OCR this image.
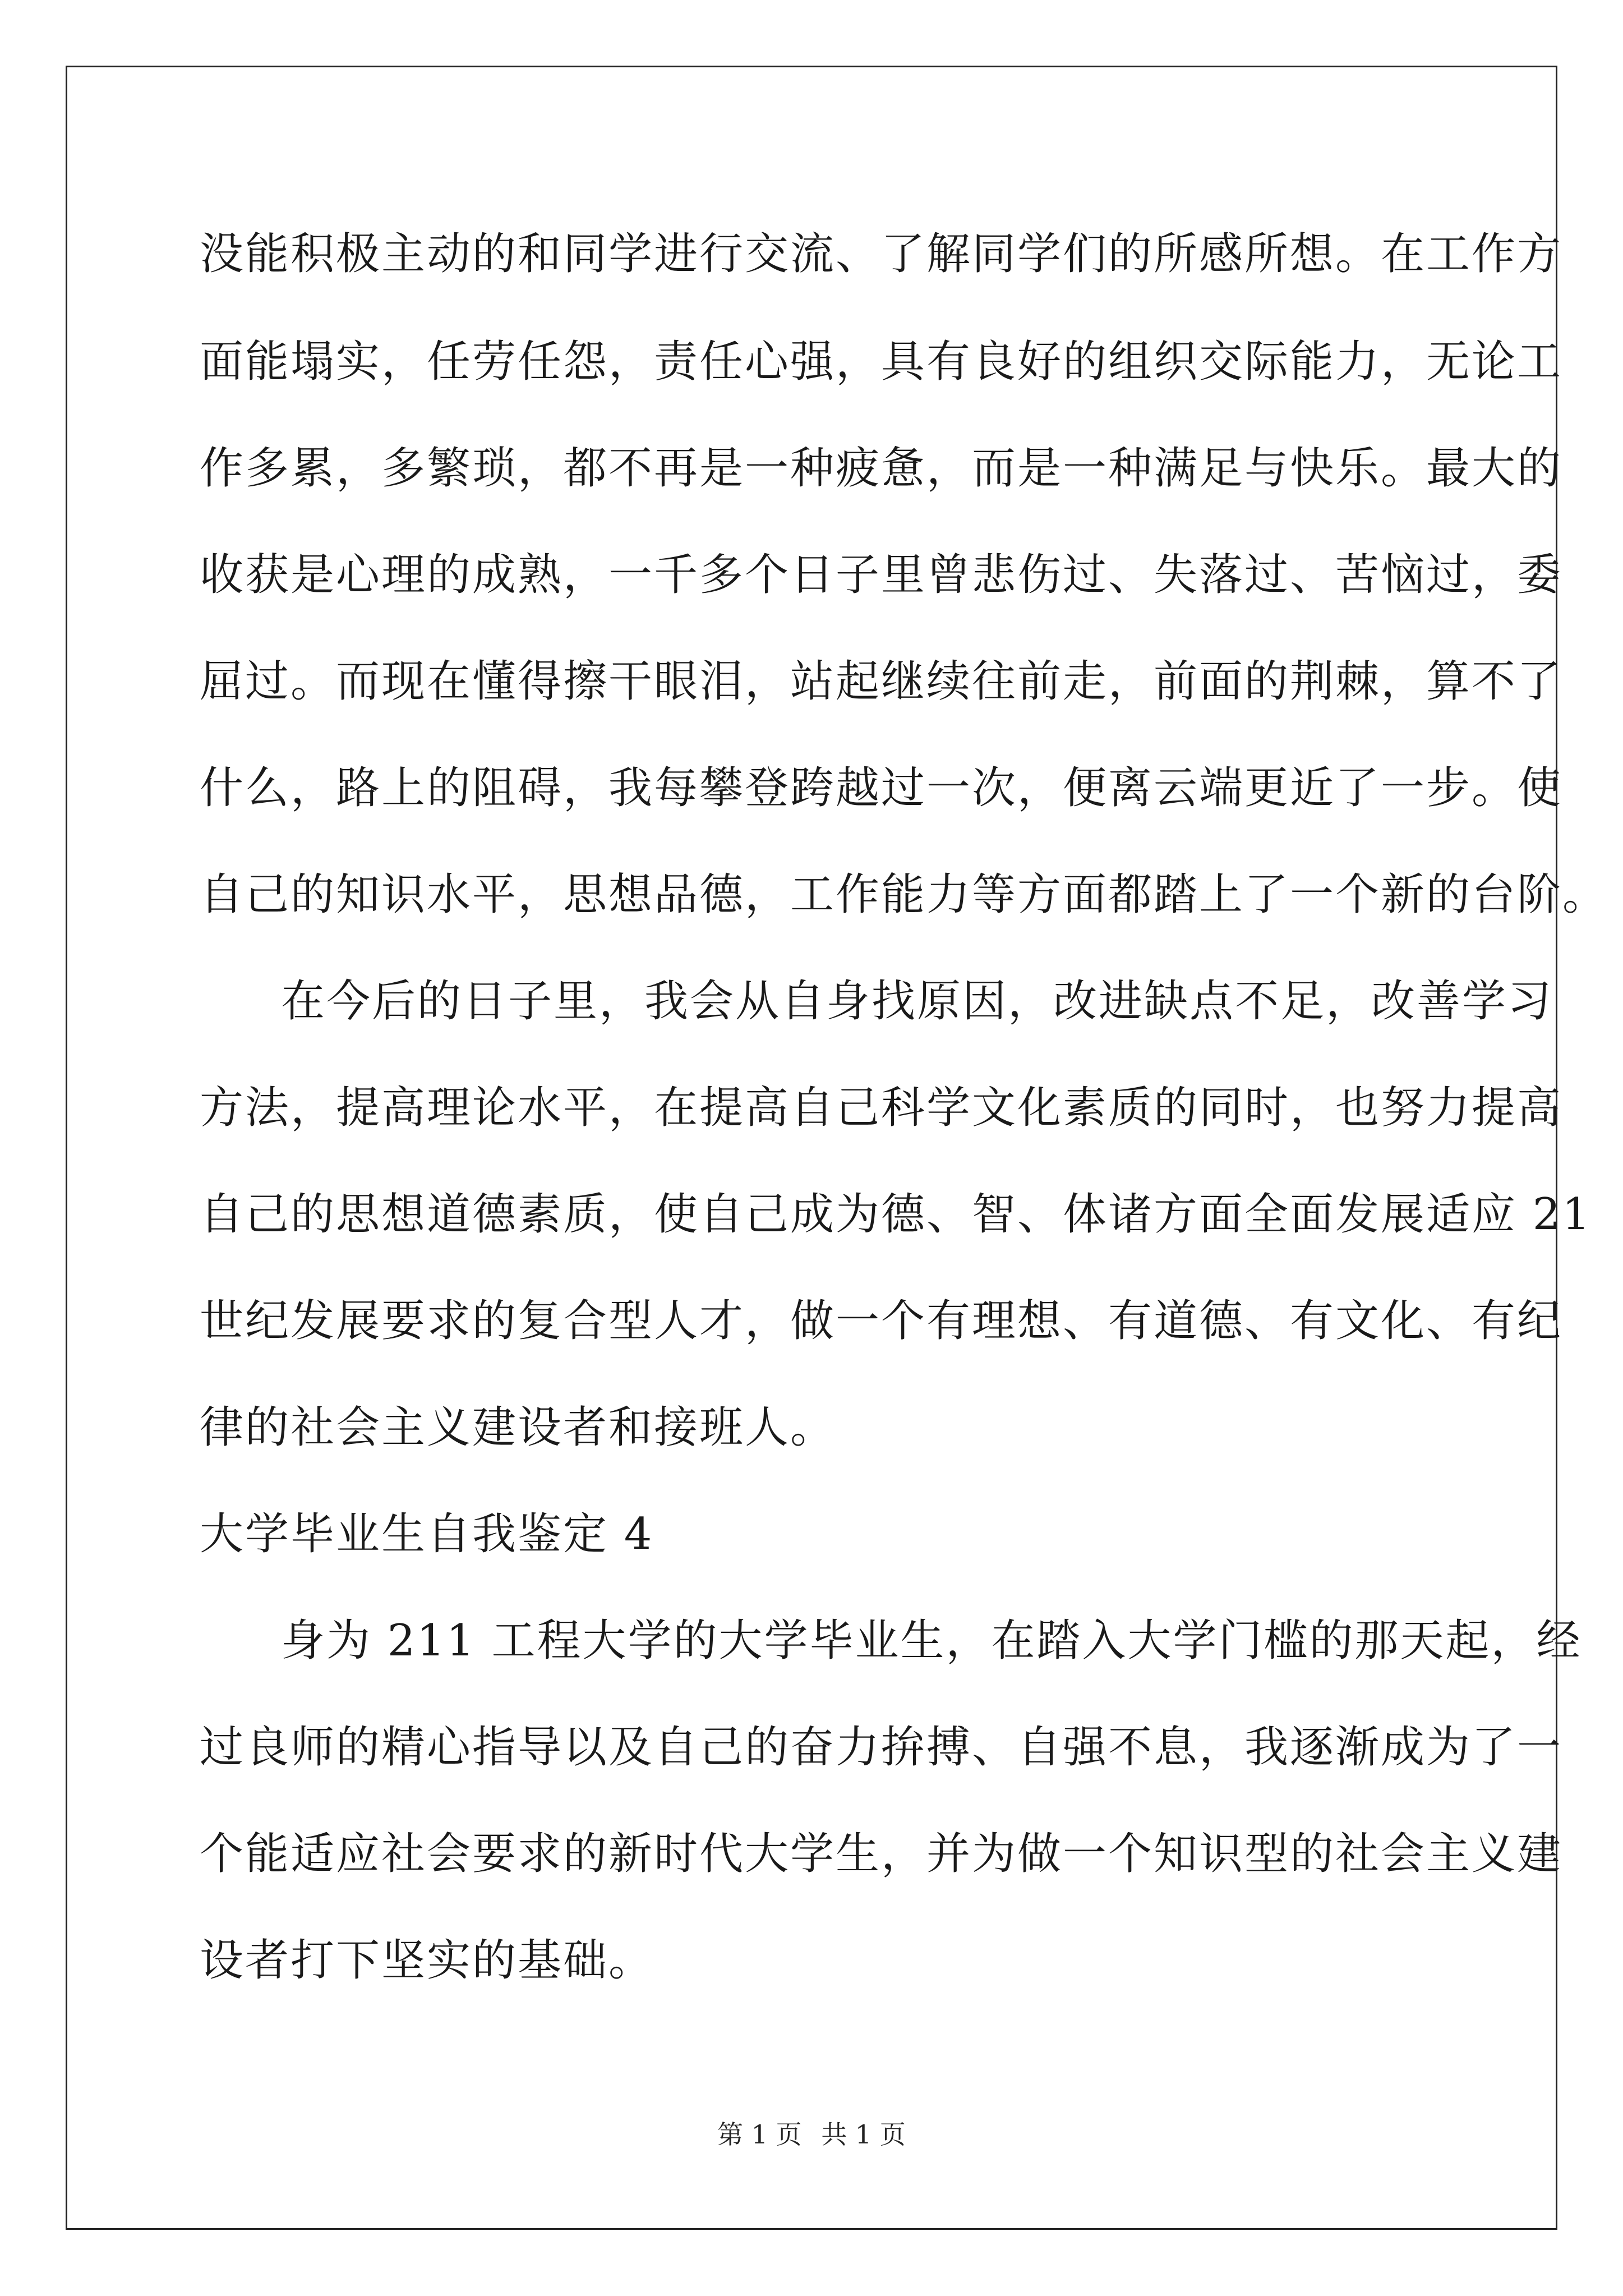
没能积极主动的和同学进行交流、了解同学们的所感所想。在工作方
面能塌实，任劳任怨，责任心强，具有良好的组织交际能力，无论工
作多累，多繁琐，都不再是一种疲惫，而是一种满足与快乐。最大的
收获是心理的成熟，一千多个日子里曾悲伤过、失落过、苦恼过，委
屈过。而现在懂得擦干眼泪，站起继续往前走，前面的荆棘，算不了
什么，路上的阻碍，我每攀登跨越过一次，便离云端更近了一步。使
自己的知识水平，思想品德，工作能力等方面都踏上了一个新的台阶。
在今后的日子里，我会从自身找原因，改进缺点不足，改善学习
方法，提高理论水平，在提高自己科学文化素质的同时，也努力提高
自己的思想道德素质，使自己成为德、智、体诸方面全面发展适应 21
世纪发展要求的复合型人才，做一个有理想、有道德、有文化、有纪
律的社会主义建设者和接班人。
大学毕业生自我鉴定 4
身为 211 工程大学的大学毕业生，在踏入大学门槛的那天起，经
过良师的精心指导以及自己的奋力拚搏、自强不息，我逐渐成为了一
个能适应社会要求的新时代大学生，并为做一个知识型的社会主义建
设者打下坚实的基础。
第 1 页 共 1 页
